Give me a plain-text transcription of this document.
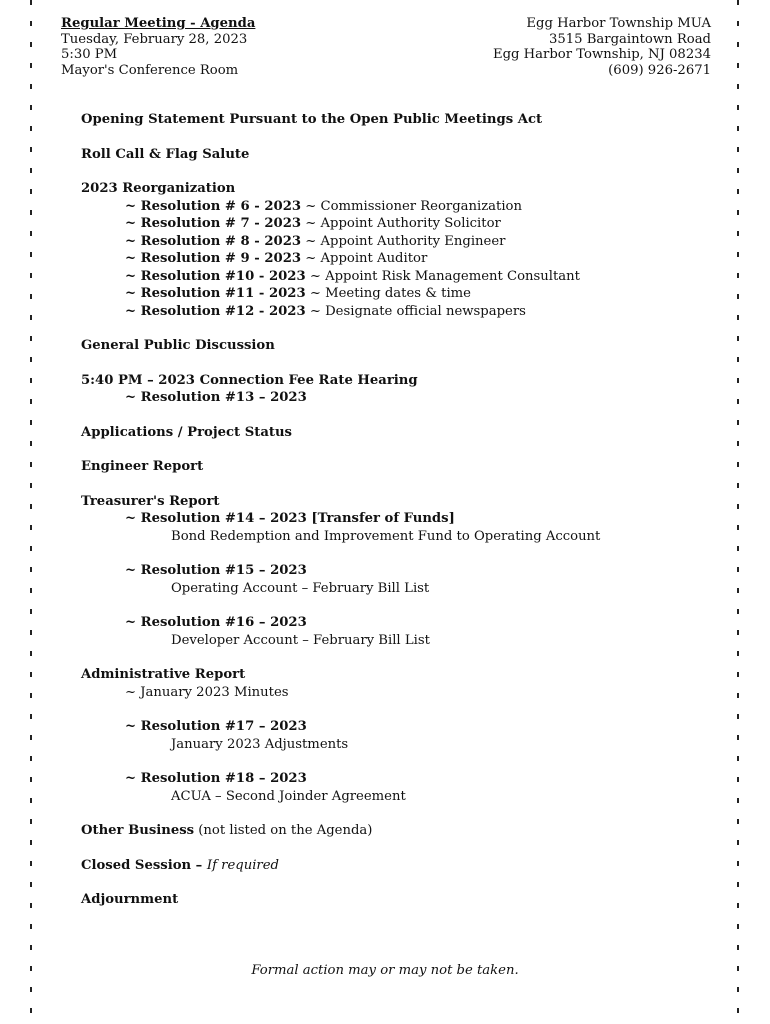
Regular Meeting - Agenda
Tuesday, February 28, 2023
5:30 PM
Mayor's Conference Room
Egg Harbor Township MUA
3515 Bargaintown Road
Egg Harbor Township, NJ 08234
(609) 926-2671
Opening Statement Pursuant to the Open Public Meetings Act
Roll Call & Flag Salute
2023 Reorganization
~ Resolution # 6 - 2023 ~ Commissioner Reorganization
~ Resolution # 7 - 2023 ~ Appoint Authority Solicitor
~ Resolution # 8 - 2023 ~ Appoint Authority Engineer
~ Resolution # 9 - 2023 ~ Appoint Auditor
~ Resolution #10 - 2023 ~ Appoint Risk Management Consultant
~ Resolution #11 - 2023 ~ Meeting dates & time
~ Resolution #12 - 2023 ~ Designate official newspapers
General Public Discussion
5:40 PM – 2023 Connection Fee Rate Hearing
~ Resolution #13 – 2023
Applications / Project Status
Engineer Report
Treasurer's Report
~ Resolution #14 – 2023 [Transfer of Funds]
Bond Redemption and Improvement Fund to Operating Account
~ Resolution #15 – 2023
Operating Account – February Bill List
~ Resolution #16 – 2023
Developer Account – February Bill List
Administrative Report
~ January 2023 Minutes
~ Resolution #17 – 2023
January 2023 Adjustments
~ Resolution #18 – 2023
ACUA – Second Joinder Agreement
Other Business (not listed on the Agenda)
Closed Session – If required
Adjournment
Formal action may or may not be taken.
